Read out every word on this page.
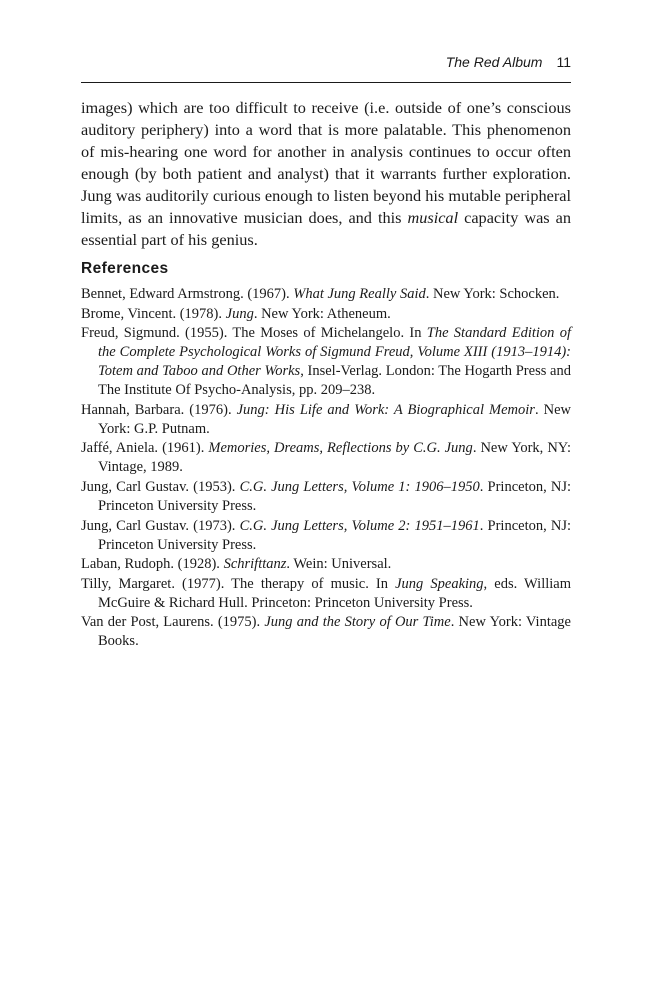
The Red Album 11

images) which are too difficult to receive (i.e. outside of one’s conscious auditory periphery) into a word that is more palatable. This phenomenon of mis-hearing one word for another in analysis continues to occur often enough (by both patient and analyst) that it warrants further exploration. Jung was auditorily curious enough to listen beyond his mutable peripheral limits, as an innovative musician does, and this musical capacity was an essential part of his genius.

References
Bennet, Edward Armstrong. (1967). What Jung Really Said. New York: Schocken.
Brome, Vincent. (1978). Jung. New York: Atheneum.
Freud, Sigmund. (1955). The Moses of Michelangelo. In The Standard Edition of the Complete Psychological Works of Sigmund Freud, Volume XIII (1913–1914): Totem and Taboo and Other Works, Insel-Verlag. London: The Hogarth Press and The Institute Of Psycho-Analysis, pp. 209–238.
Hannah, Barbara. (1976). Jung: His Life and Work: A Biographical Memoir. New York: G.P. Putnam.
Jaffé, Aniela. (1961). Memories, Dreams, Reflections by C.G. Jung. New York, NY: Vintage, 1989.
Jung, Carl Gustav. (1953). C.G. Jung Letters, Volume 1: 1906–1950. Princeton, NJ: Princeton University Press.
Jung, Carl Gustav. (1973). C.G. Jung Letters, Volume 2: 1951–1961. Princeton, NJ: Princeton University Press.
Laban, Rudoph. (1928). Schrifttanz. Wein: Universal.
Tilly, Margaret. (1977). The therapy of music. In Jung Speaking, eds. William McGuire & Richard Hull. Princeton: Princeton University Press.
Van der Post, Laurens. (1975). Jung and the Story of Our Time. New York: Vintage Books.
